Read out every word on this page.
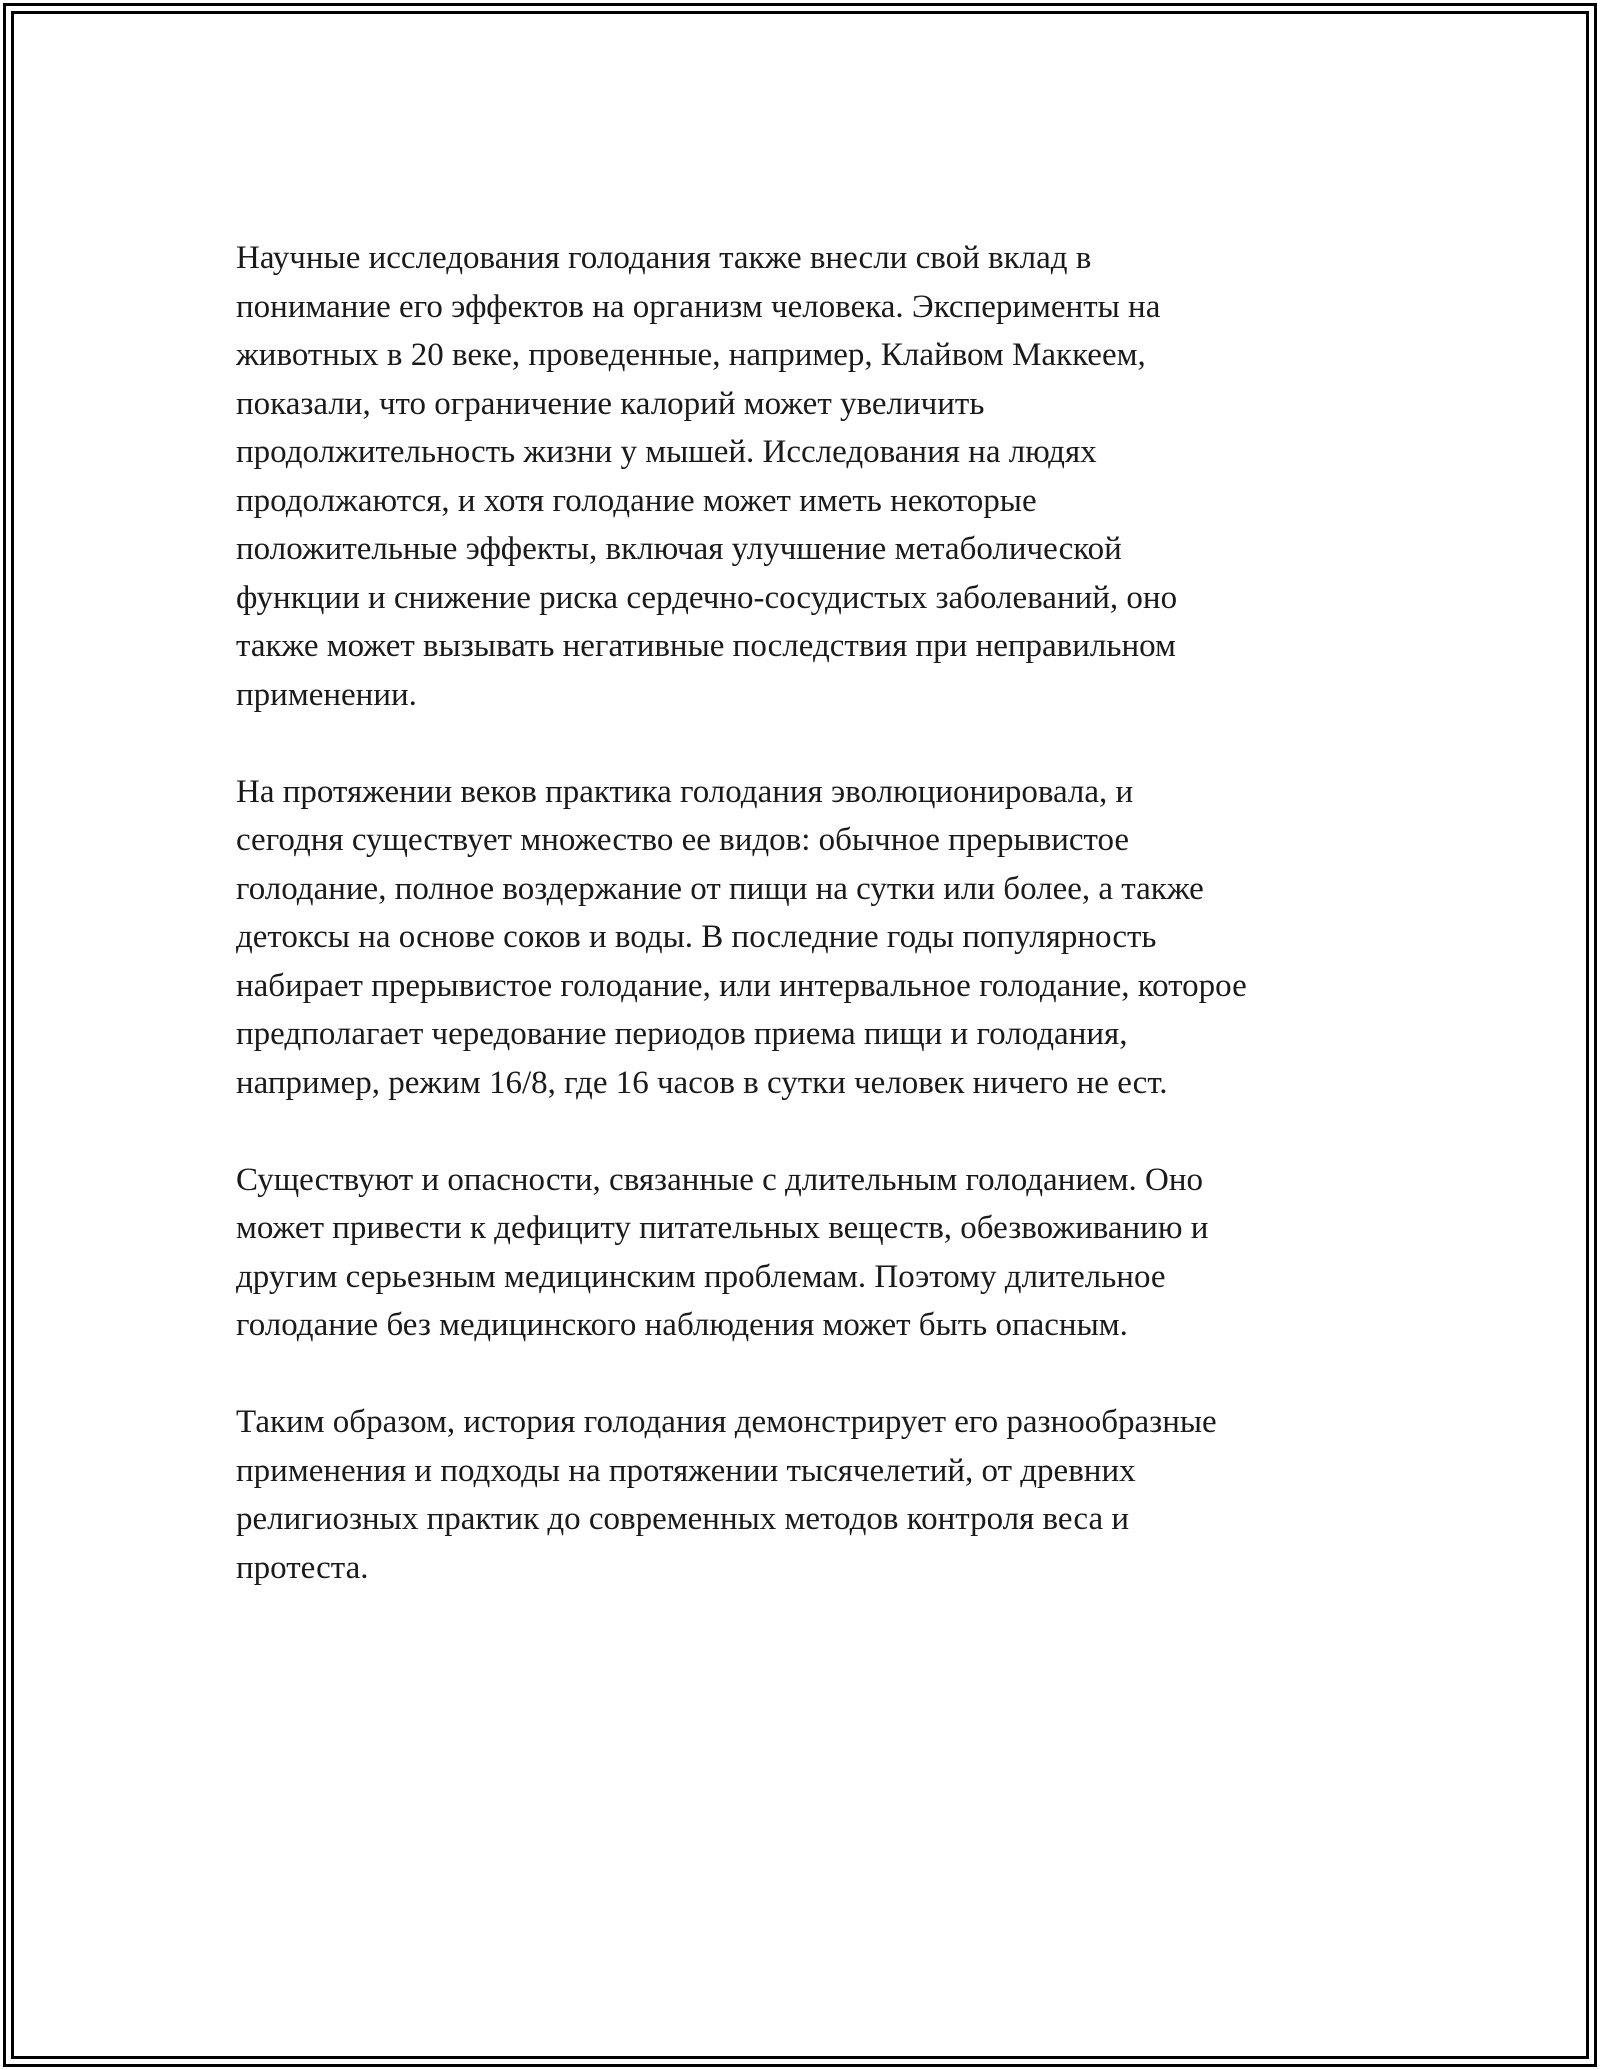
Научные исследования голодания также внесли свой вклад в
понимание его эффектов на организм человека. Эксперименты на
животных в 20 веке, проведенные, например, Клайвом Маккеем,
показали, что ограничение калорий может увеличить
продолжительность жизни у мышей. Исследования на людях
продолжаются, и хотя голодание может иметь некоторые
положительные эффекты, включая улучшение метаболической
функции и снижение риска сердечно-сосудистых заболеваний, оно
также может вызывать негативные последствия при неправильном
применении.

На протяжении веков практика голодания эволюционировала, и
сегодня существует множество ее видов: обычное прерывистое
голодание, полное воздержание от пищи на сутки или более, а также
детоксы на основе соков и воды. В последние годы популярность
набирает прерывистое голодание, или интервальное голодание, которое
предполагает чередование периодов приема пищи и голодания,
например, режим 16/8, где 16 часов в сутки человек ничего не ест.

Существуют и опасности, связанные с длительным голоданием. Оно
может привести к дефициту питательных веществ, обезвоживанию и
другим серьезным медицинским проблемам. Поэтому длительное
голодание без медицинского наблюдения может быть опасным.

Таким образом, история голодания демонстрирует его разнообразные
применения и подходы на протяжении тысячелетий, от древних
религиозных практик до современных методов контроля веса и
протеста.
